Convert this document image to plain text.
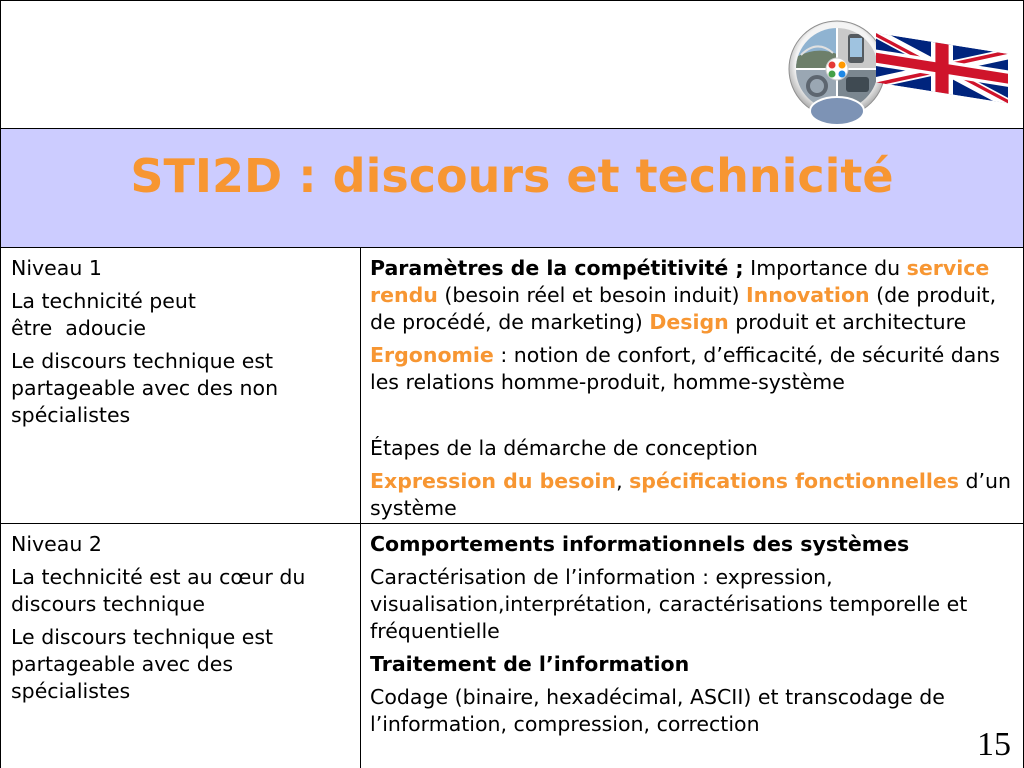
STI2D : discours et technicité
Niveau 1
La technicité peut
être  adoucie
Le discours technique est
partageable avec des non
spécialistes
Paramètres de la compétitivité ; Importance du service
rendu (besoin réel et besoin induit) Innovation (de produit,
de procédé, de marketing) Design produit et architecture
Ergonomie : notion de confort, d’efficacité, de sécurité dans
les relations homme-produit, homme-système
Étapes de la démarche de conception
Expression du besoin, spécifications fonctionnelles d’un
système
Niveau 2
La technicité est au cœur du
discours technique
Le discours technique est
partageable avec des
spécialistes
Comportements informationnels des systèmes
Caractérisation de l’information : expression,
visualisation,interprétation, caractérisations temporelle et
fréquentielle
Traitement de l’information
Codage (binaire, hexadécimal, ASCII) et transcodage de
l’information, compression, correction
15
